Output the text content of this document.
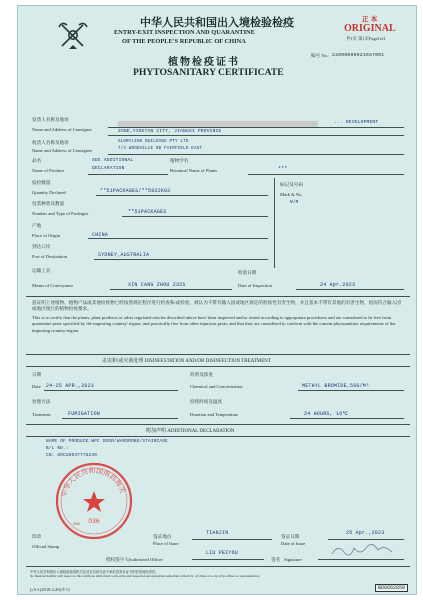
中华人民共和国出入境检验检疫
ENTRY-EXIT INSPECTION AND QUARANTINE
OF THE PEOPLE'S REPUBLIC OF CHINA
正 本
ORIGINAL
共1页 第1页Page1of1
编号 No.: 22000000021657001
植物检疫证书
PHYTOSANITARY CERTIFICATE
发货人名称及地址
Name and Address of Consignor
... DEVELOPMENT
ZONE,YINGTAN CITY, JIANGXI PROVINCE
收货人名称及地址
Name and Address of Consignee
GLORYLINK BUILDING PTY LTD
7/4 WOODVILLE RD FAIRFIELD EAST
品名
Name of Produce
SEE ADDITIONAL
DECLARATION
植物学名
Botanical Name of Plants	***
报检数量
Quantity Declared	**51PACKAGES/**5932KGS
标记及号码
Mark & No.
N/M
包装种类及数量
Number and Type of Packages	**51PACKAGES
产地
Place of Origin	CHINA
到达口岸
Port of Destination	SYDNEY,AUSTRALIA
运输工具
Means of Conveyance	XIN CANG ZHOU 232S
检验日期
Date of Inspection	24 Apr.2023
兹证明上述植物、植物产品或其他检疫物已经按照规定程序进行检查和/或检验，被认为不带有输入国或地区规定的检疫性有害生物，并且基本不带有其他的有害生物，因而符合输入国或地区现行的植物检疫要求。
This is to certify that the plants, plant products or other regulated articles described above have been inspected and/or tested according to appropriate procedures and are considered to be free from quarantine pests specified by the importing country/ region, and practically free from other injurious pests; and that they are considered to conform with the current phytosanitary requirements of the importing country/region.
杀虫和/或灭菌处理 DISINFESTATION AND/OR DISINFECTION TREATMENT
日期
Date 24-25 APR.,2023
药剂及浓度
Chemical and Concentration	METHYL BROMIDE,56G/M³
处理方法
Treatment	FUMIGATION
持续时间及温度
Duration and Temperature	24 HOURS, 16℃
附加声明 ADDITIONAL DECLARATION
NAME OF PRODUCE:WPC DOOR/WARDROBE/STAIRCASE
B/L NO.:
CN: OOCU8037776230
中华人民共和国南昌海关
036
036
印章
Official Stamp
签证地点
Place of Issue
TIANJIN
签证日期
Date of Issue
25 Apr.,2023
授权签字人 Authorized Officer
LIU PEIYOU
签名 Signature
中华人民共和国出入境检验检疫机关及其官员或代表不承担签发本证书的任何财经责任。
No financial liability with respect to this certificate shall attach to the entry-exit inspection and quarantine authorities of the P. R. of China or to any of its officers or representatives.
[c5-1(2018.4.20)＊1]	BD0662850
